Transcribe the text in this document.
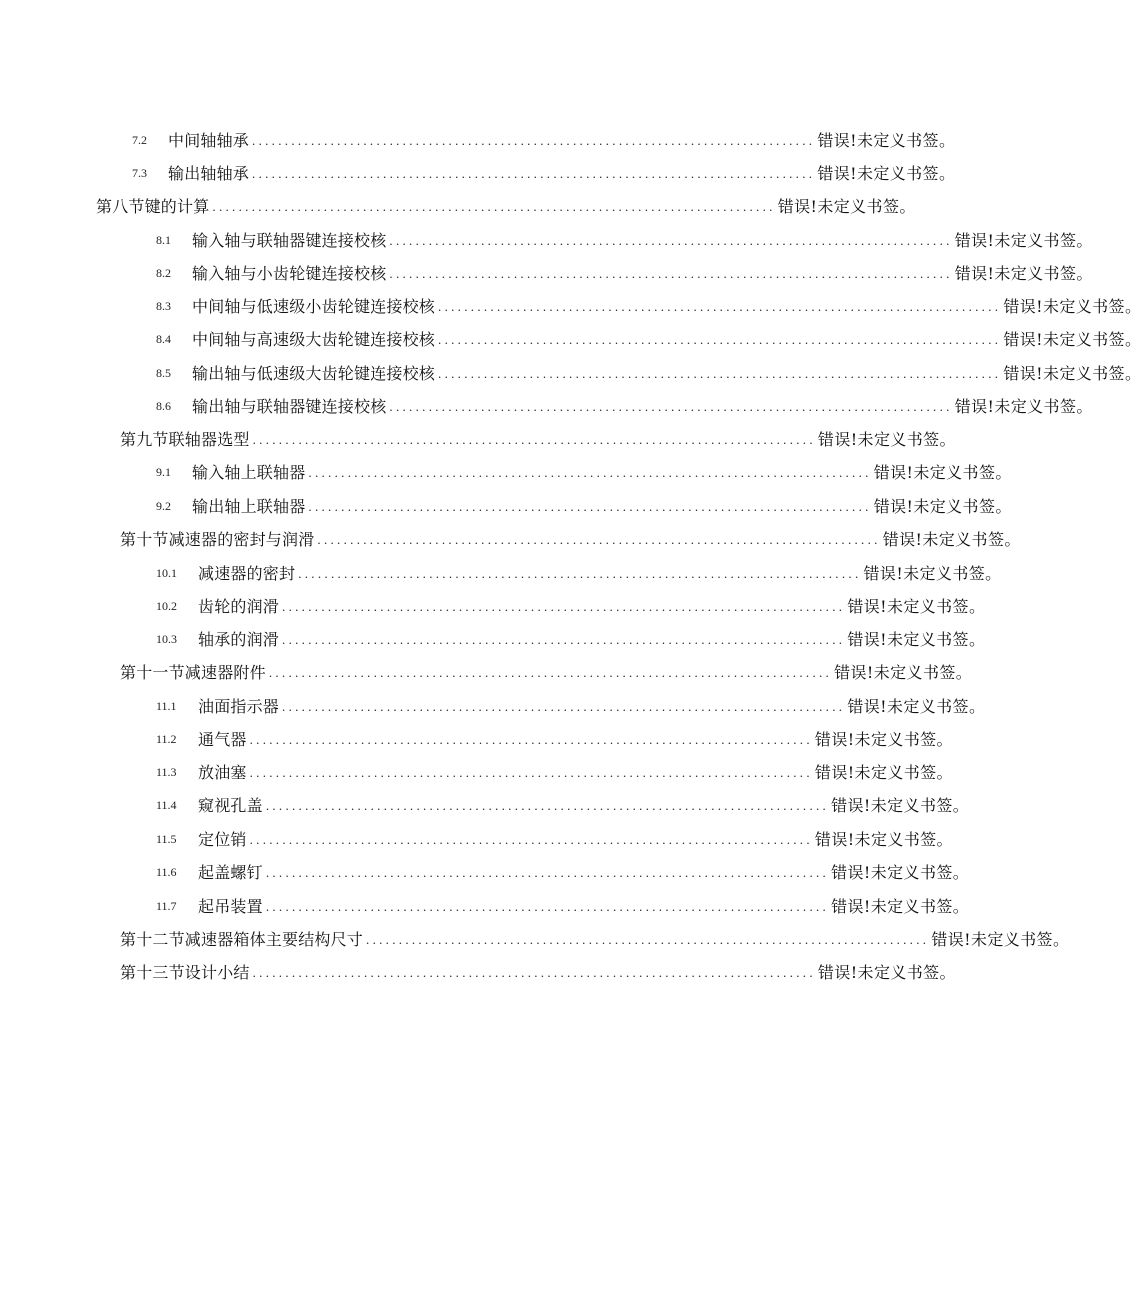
7.2	中间轴轴承 ...................................................................................... 错误!未定义书签。
7.3	输出轴轴承 ...................................................................................... 错误!未定义书签。
第八节键的计算 ...................................................................................... 错误!未定义书签。
8.1	输入轴与联轴器键连接校核 ...................................................................................... 错误!未定义书签。
8.2	输入轴与小齿轮键连接校核 ...................................................................................... 错误!未定义书签。
8.3	中间轴与低速级小齿轮键连接校核 ...................................................................................... 错误!未定义书签。
8.4	中间轴与高速级大齿轮键连接校核 ...................................................................................... 错误!未定义书签。
8.5	输出轴与低速级大齿轮键连接校核 ...................................................................................... 错误!未定义书签。
8.6	输出轴与联轴器键连接校核 ...................................................................................... 错误!未定义书签。
第九节联轴器选型 ...................................................................................... 错误!未定义书签。
9.1	输入轴上联轴器 ...................................................................................... 错误!未定义书签。
9.2	输出轴上联轴器 ...................................................................................... 错误!未定义书签。
第十节减速器的密封与润滑 ...................................................................................... 错误!未定义书签。
10.1	减速器的密封 ...................................................................................... 错误!未定义书签。
10.2	齿轮的润滑 ...................................................................................... 错误!未定义书签。
10.3	轴承的润滑 ...................................................................................... 错误!未定义书签。
第十一节减速器附件 ...................................................................................... 错误!未定义书签。
11.1	油面指示器 ...................................................................................... 错误!未定义书签。
11.2	通气器 ...................................................................................... 错误!未定义书签。
11.3	放油塞 ...................................................................................... 错误!未定义书签。
11.4	窥视孔盖 ...................................................................................... 错误!未定义书签。
11.5	定位销 ...................................................................................... 错误!未定义书签。
11.6	起盖螺钉 ...................................................................................... 错误!未定义书签。
11.7	起吊装置 ...................................................................................... 错误!未定义书签。
第十二节减速器箱体主要结构尺寸 ...................................................................................... 错误!未定义书签。
第十三节设计小结 ...................................................................................... 错误!未定义书签。
